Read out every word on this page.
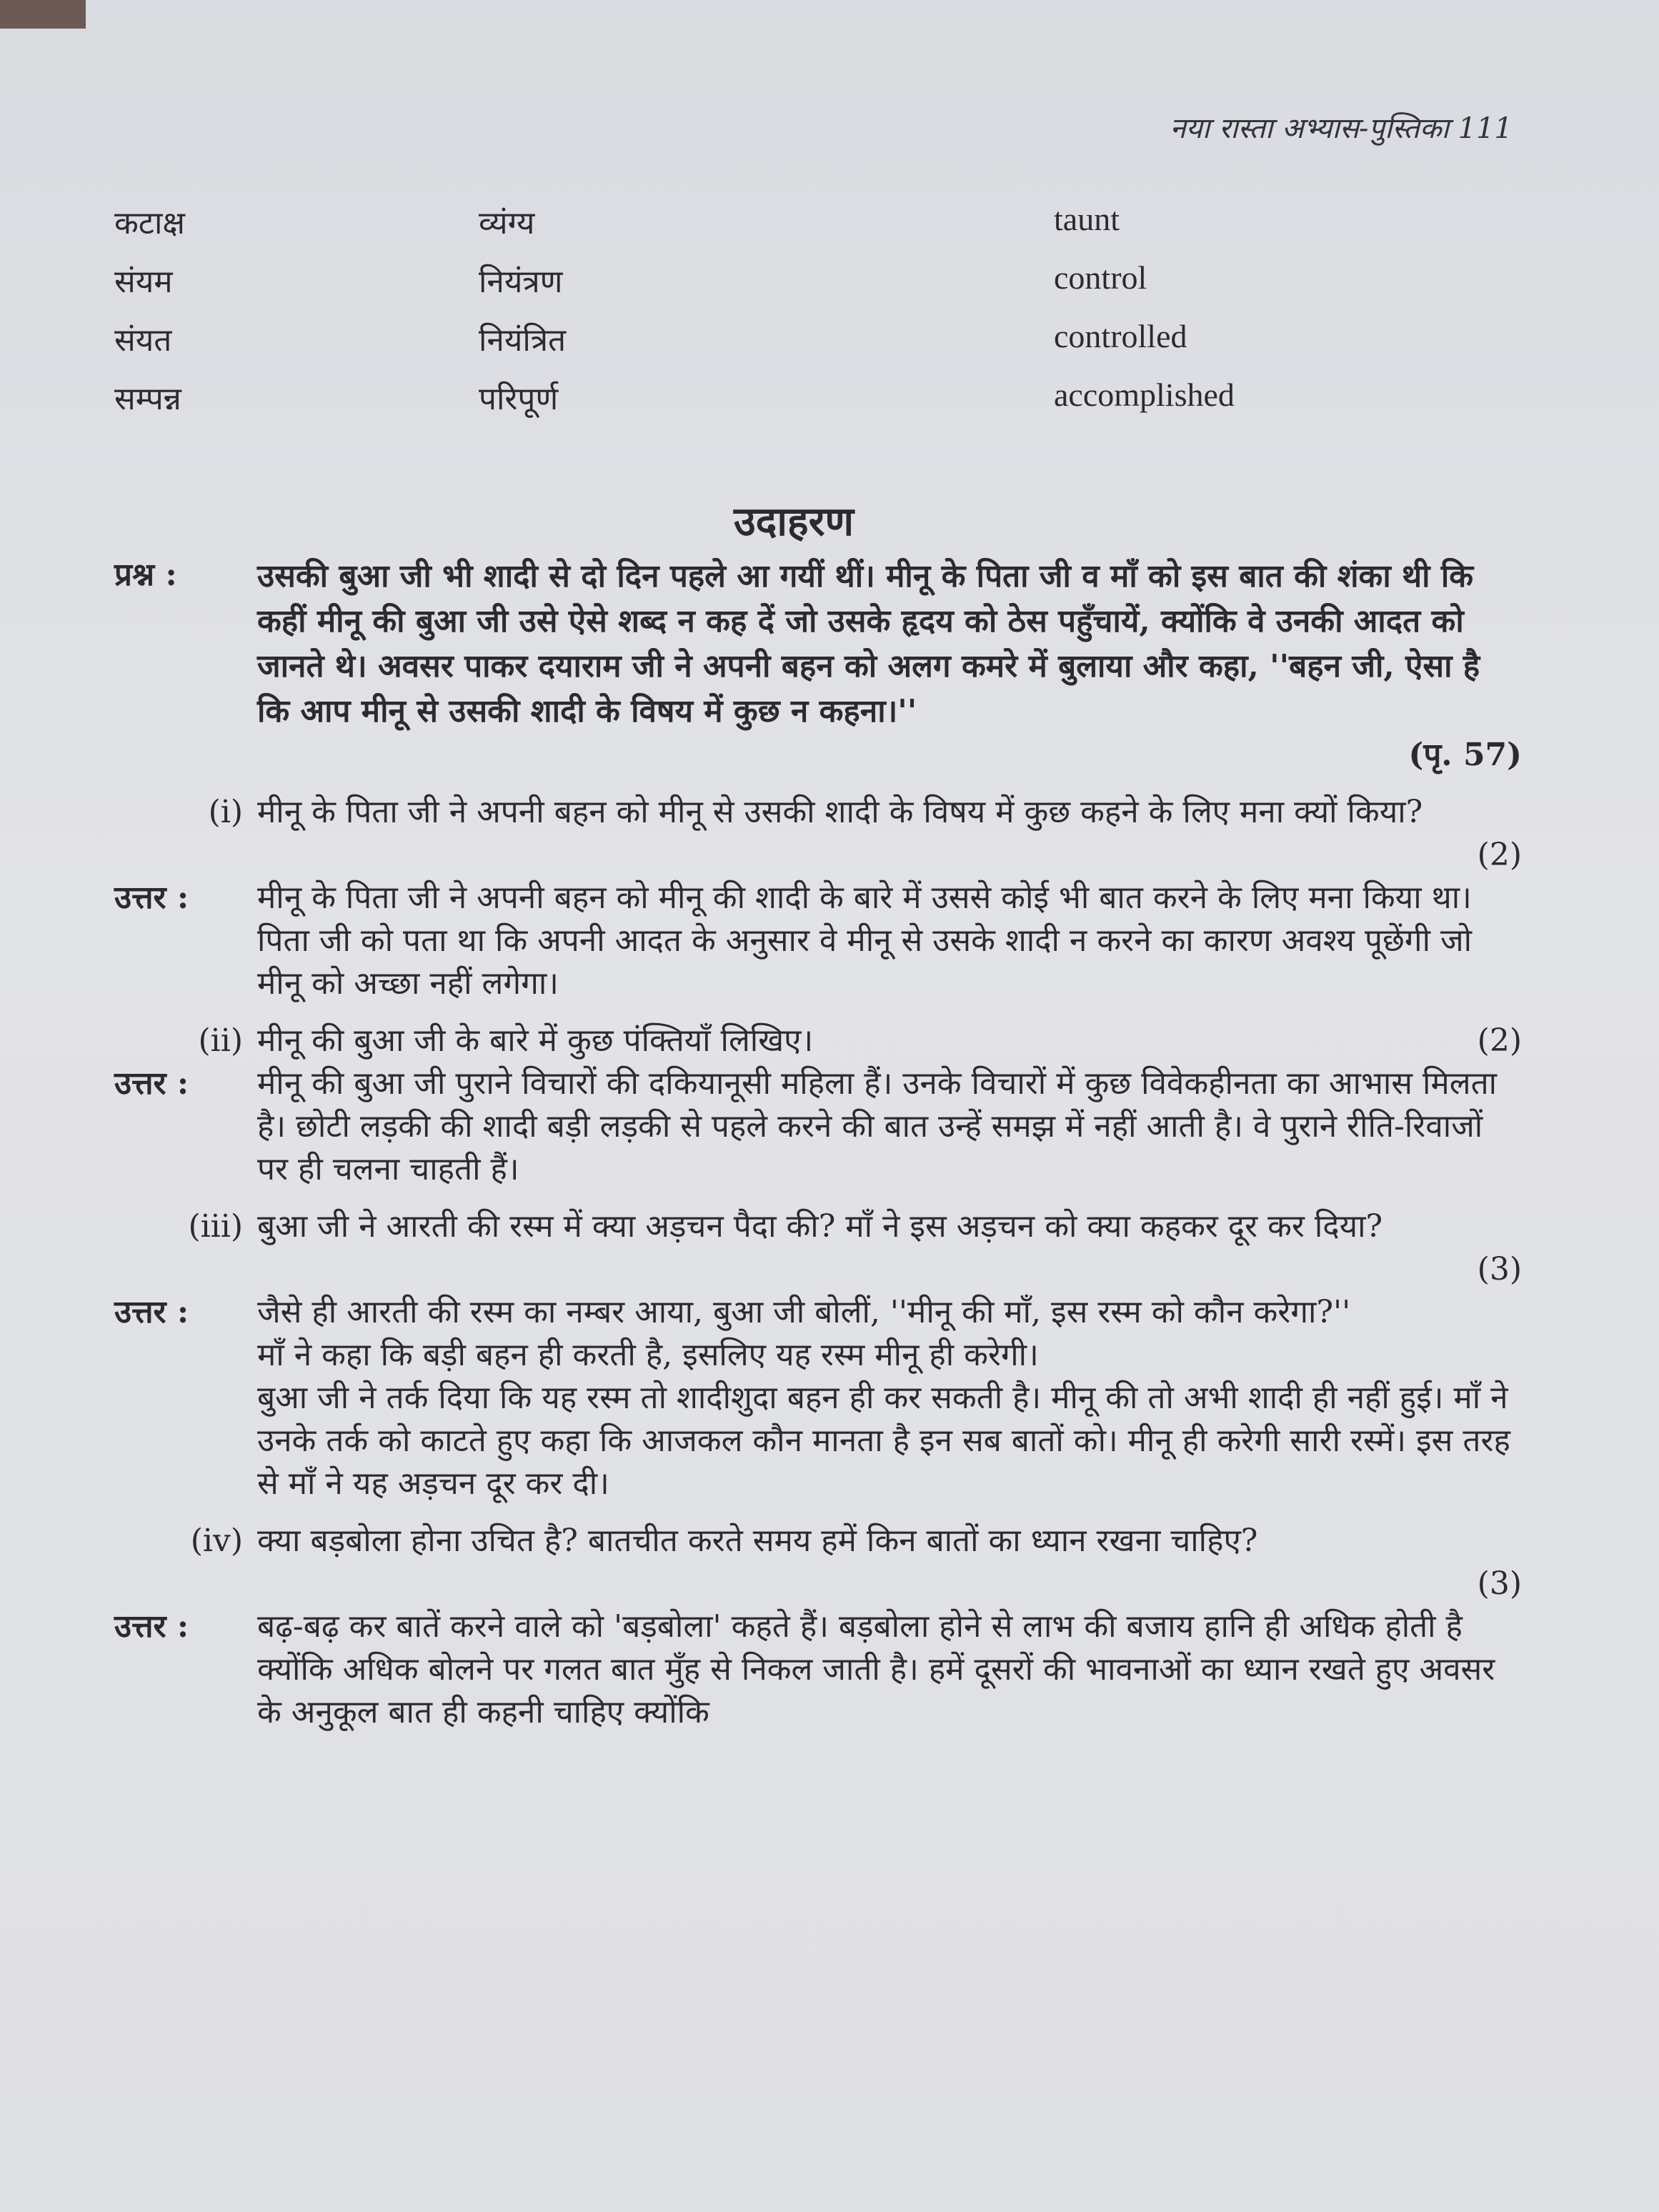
नया रास्ता अभ्यास-पुस्तिका 111
कटाक्ष	व्यंग्य	taunt
संयम	नियंत्रण	control
संयत	नियंत्रित	controlled
सम्पन्न	परिपूर्ण	accomplished
उदाहरण
प्रश्न :	उसकी बुआ जी भी शादी से दो दिन पहले आ गयीं थीं। मीनू के पिता जी व माँ को इस बात की शंका थी कि कहीं मीनू की बुआ जी उसे ऐसे शब्द न कह दें जो उसके हृदय को ठेस पहुँचायें, क्योंकि वे उनकी आदत को जानते थे। अवसर पाकर दयाराम जी ने अपनी बहन को अलग कमरे में बुलाया और कहा, ''बहन जी, ऐसा है कि आप मीनू से उसकी शादी के विषय में कुछ न कहना।''
(पृ. 57)
(i) मीनू के पिता जी ने अपनी बहन को मीनू से उसकी शादी के विषय में कुछ कहने के लिए मना क्यों किया?
(2)
उत्तर :	मीनू के पिता जी ने अपनी बहन को मीनू की शादी के बारे में उससे कोई भी बात करने के लिए मना किया था। पिता जी को पता था कि अपनी आदत के अनुसार वे मीनू से उसके शादी न करने का कारण अवश्य पूछेंगी जो मीनू को अच्छा नहीं लगेगा।
(ii) मीनू की बुआ जी के बारे में कुछ पंक्तियाँ लिखिए।	(2)
उत्तर :	मीनू की बुआ जी पुराने विचारों की दकियानूसी महिला हैं। उनके विचारों में कुछ विवेकहीनता का आभास मिलता है। छोटी लड़की की शादी बड़ी लड़की से पहले करने की बात उन्हें समझ में नहीं आती है। वे पुराने रीति-रिवाजों पर ही चलना चाहती हैं।
(iii) बुआ जी ने आरती की रस्म में क्या अड़चन पैदा की? माँ ने इस अड़चन को क्या कहकर दूर कर दिया?
(3)
उत्तर :	जैसे ही आरती की रस्म का नम्बर आया, बुआ जी बोलीं, ''मीनू की माँ, इस रस्म को कौन करेगा?''
माँ ने कहा कि बड़ी बहन ही करती है, इसलिए यह रस्म मीनू ही करेगी।
बुआ जी ने तर्क दिया कि यह रस्म तो शादीशुदा बहन ही कर सकती है। मीनू की तो अभी शादी ही नहीं हुई। माँ ने उनके तर्क को काटते हुए कहा कि आजकल कौन मानता है इन सब बातों को। मीनू ही करेगी सारी रस्में। इस तरह से माँ ने यह अड़चन दूर कर दी।
(iv) क्या बड़बोला होना उचित है? बातचीत करते समय हमें किन बातों का ध्यान रखना चाहिए?
(3)
उत्तर :	बढ़-बढ़ कर बातें करने वाले को 'बड़बोला' कहते हैं। बड़बोला होने से लाभ की बजाय हानि ही अधिक होती है क्योंकि अधिक बोलने पर गलत बात मुँह से निकल जाती है। हमें दूसरों की भावनाओं का ध्यान रखते हुए अवसर के अनुकूल बात ही कहनी चाहिए क्योंकि
